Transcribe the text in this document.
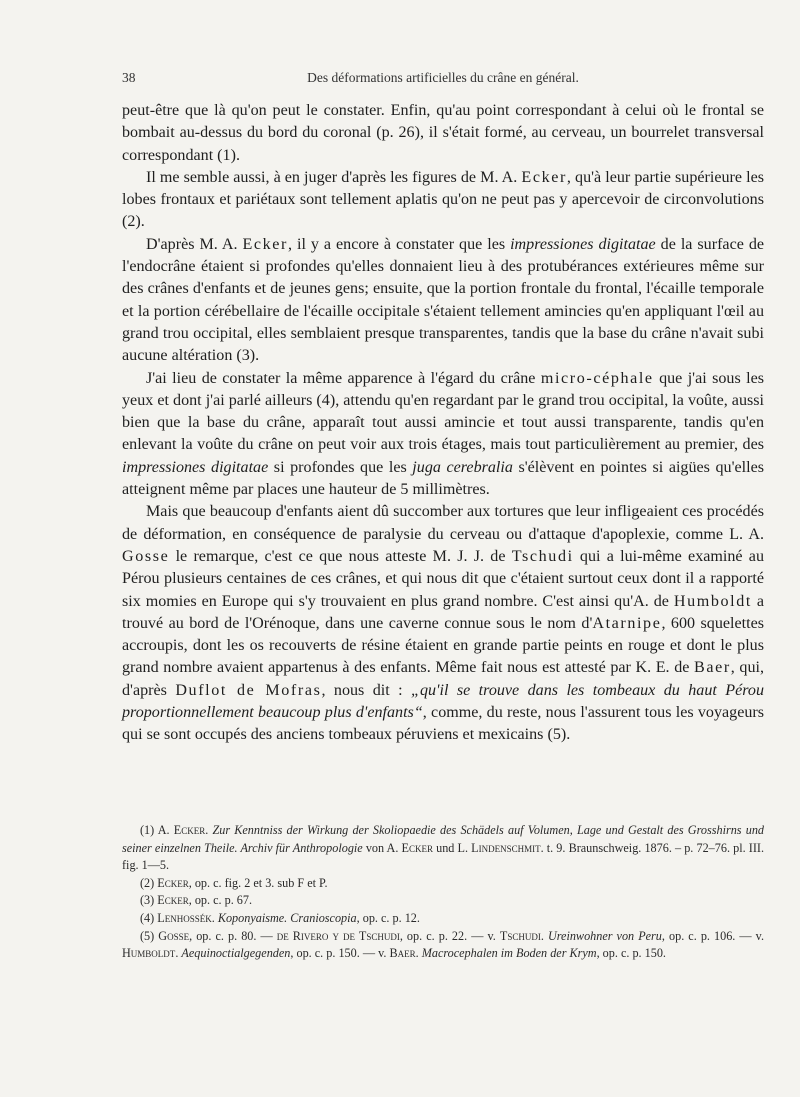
38	Des déformations artificielles du crâne en général.

peut-être que là qu'on peut le constater. Enfin, qu'au point correspondant à celui où le frontal se bombait au-dessus du bord du coronal (p. 26), il s'était formé, au cerveau, un bourrelet transversal correspondant (1).

Il me semble aussi, à en juger d'après les figures de M. A. Ecker, qu'à leur partie supérieure les lobes frontaux et pariétaux sont tellement aplatis qu'on ne peut pas y apercevoir de circonvolutions (2).

D'après M. A. Ecker, il y a encore à constater que les impressiones digitatae de la surface de l'endocrâne étaient si profondes qu'elles donnaient lieu à des protubérances extérieures même sur des crânes d'enfants et de jeunes gens; ensuite, que la portion frontale du frontal, l'écaille temporale et la portion cérébellaire de l'écaille occipitale s'étaient tellement amincies qu'en appliquant l'œil au grand trou occipital, elles semblaient presque transparentes, tandis que la base du crâne n'avait subi aucune altération (3).

J'ai lieu de constater la même apparence à l'égard du crâne micro-céphale que j'ai sous les yeux et dont j'ai parlé ailleurs (4), attendu qu'en regardant par le grand trou occipital, la voûte, aussi bien que la base du crâne, apparaît tout aussi amincie et tout aussi transparente, tandis qu'en enlevant la voûte du crâne on peut voir aux trois étages, mais tout particulièrement au premier, des impressiones digitatae si profondes que les juga cerebralia s'élèvent en pointes si aigües qu'elles atteignent même par places une hauteur de 5 millimètres.

Mais que beaucoup d'enfants aient dû succomber aux tortures que leur infligeaient ces procédés de déformation, en conséquence de paralysie du cerveau ou d'attaque d'apoplexie, comme L. A. Gosse le remarque, c'est ce que nous atteste M. J. J. de Tschudi qui a lui-même examiné au Pérou plusieurs centaines de ces crânes, et qui nous dit que c'étaient surtout ceux dont il a rapporté six momies en Europe qui s'y trouvaient en plus grand nombre. C'est ainsi qu'A. de Humboldt a trouvé au bord de l'Orénoque, dans une caverne connue sous le nom d'Atarnipe, 600 squelettes accroupis, dont les os recouverts de résine étaient en grande partie peints en rouge et dont le plus grand nombre avaient appartenus à des enfants. Même fait nous est attesté par K. E. de Baer, qui, d'après Duflot de Mofras, nous dit : „qu'il se trouve dans les tombeaux du haut Pérou proportionnellement beaucoup plus d'enfants“, comme, du reste, nous l'assurent tous les voyageurs qui se sont occupés des anciens tombeaux péruviens et mexicains (5).

(1) A. Ecker. Zur Kenntniss der Wirkung der Skoliopaedie des Schädels auf Volumen, Lage und Gestalt des Grosshirns und seiner einzelnen Theile. Archiv für Anthropologie von A. Ecker und L. Lindenschmit. t. 9. Braunschweig. 1876. – p. 72–76. pl. III. fig. 1—5.

(2) Ecker, op. c. fig. 2 et 3. sub F et P.

(3) Ecker, op. c. p. 67.

(4) Lenhossék. Koponyaisme. Cranioscopia, op. c. p. 12.

(5) Gosse, op. c. p. 80. — de Rivero y de Tschudi, op. c. p. 22. — v. Tschudi. Ureinwohner von Peru, op. c. p. 106. — v. Humboldt. Aequinoctialgegenden, op. c. p. 150. — v. Baer. Macrocephalen im Boden der Krym, op. c. p. 150.
